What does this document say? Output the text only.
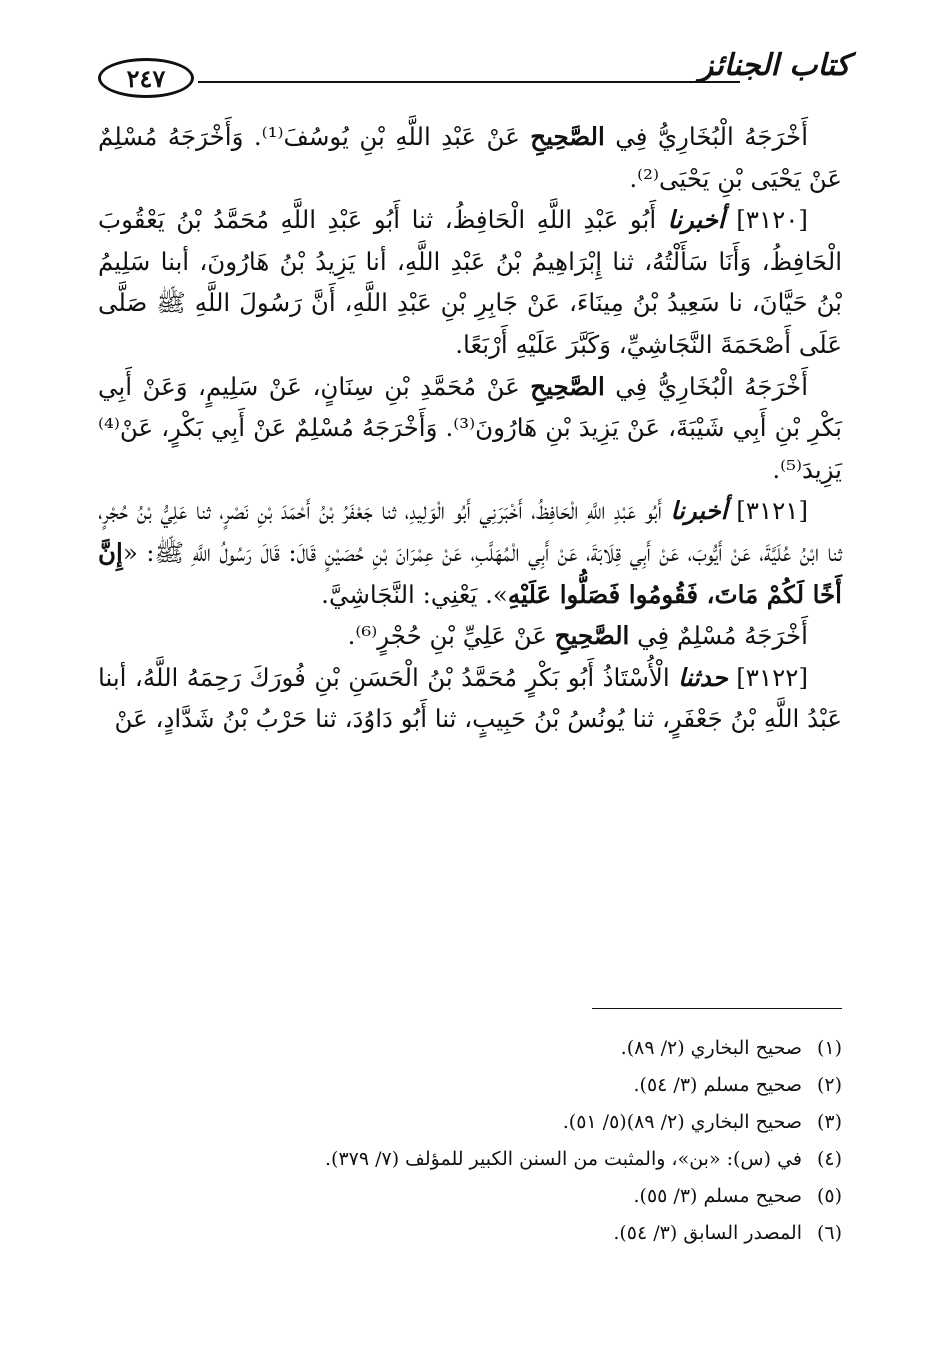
٢٤٧	كتاب الجنائز

أَخْرَجَهُ الْبُخَارِيُّ فِي الصَّحِيحِ عَنْ عَبْدِ اللَّهِ بْنِ يُوسُفَ⁽¹⁾. وَأَخْرَجَهُ مُسْلِمٌ عَنْ يَحْيَى بْنِ يَحْيَى⁽²⁾.

[٣١٢٠] أخبرنا أَبُو عَبْدِ اللَّهِ الْحَافِظُ، ثنا أَبُو عَبْدِ اللَّهِ مُحَمَّدُ بْنُ يَعْقُوبَ الْحَافِظُ، وَأَنَا سَأَلْتُهُ، ثنا إِبْرَاهِيمُ بْنُ عَبْدِ اللَّهِ، أنا يَزِيدُ بْنُ هَارُونَ، أبنا سَلِيمُ بْنُ حَيَّانَ، نا سَعِيدُ بْنُ مِينَاءَ، عَنْ جَابِرِ بْنِ عَبْدِ اللَّهِ، أَنَّ رَسُولَ اللَّهِ ﷺ صَلَّى عَلَى أَصْحَمَةَ النَّجَاشِيِّ، وَكَبَّرَ عَلَيْهِ أَرْبَعًا.

أَخْرَجَهُ الْبُخَارِيُّ فِي الصَّحِيحِ عَنْ مُحَمَّدِ بْنِ سِنَانٍ، عَنْ سَلِيمٍ، وَعَنْ أَبِي بَكْرِ بْنِ أَبِي شَيْبَةَ، عَنْ يَزِيدَ بْنِ هَارُونَ⁽³⁾. وَأَخْرَجَهُ مُسْلِمٌ عَنْ أَبِي بَكْرٍ، عَنْ⁽⁴⁾ يَزِيدَ⁽⁵⁾.

[٣١٢١] أخبرنا أَبُو عَبْدِ اللَّهِ الْحَافِظُ، أَخْبَرَنِي أَبُو الْوَلِيدِ، ثنا جَعْفَرُ بْنُ أَحْمَدَ بْنِ نَصْرٍ، ثنا عَلِيُّ بْنُ حُجْرٍ، ثنا ابْنُ عُلَيَّةَ، عَنْ أَيُّوبَ، عَنْ أَبِي قِلَابَةَ، عَنْ أَبِي الْمُهَلَّبِ، عَنْ عِمْرَانَ بْنِ حُصَيْنٍ قَالَ: قَالَ رَسُولُ اللَّهِ ﷺ: «إِنَّ أَخًا لَكُمْ مَاتَ، فَقُومُوا فَصَلُّوا عَلَيْهِ». يَعْنِي: النَّجَاشِيَّ.

أَخْرَجَهُ مُسْلِمٌ فِي الصَّحِيحِ عَنْ عَلِيِّ بْنِ حُجْرٍ⁽⁶⁾.

[٣١٢٢] حدثنا الْأُسْتَاذُ أَبُو بَكْرٍ مُحَمَّدُ بْنُ الْحَسَنِ بْنِ فُورَكَ رَحِمَهُ اللَّهُ، أبنا عَبْدُ اللَّهِ بْنُ جَعْفَرٍ، ثنا يُونُسُ بْنُ حَبِيبٍ، ثنا أَبُو دَاوُدَ، ثنا حَرْبُ بْنُ شَدَّادٍ، عَنْ

(١)صحيح البخاري (٢/ ٨٩).
(٢)صحيح مسلم (٣/ ٥٤).
(٣)صحيح البخاري (٢/ ٨٩)(٥/ ٥١).
(٤)في (س): «بن»، والمثبت من السنن الكبير للمؤلف (٧/ ٣٧٩).
(٥)صحيح مسلم (٣/ ٥٥).
(٦)المصدر السابق (٣/ ٥٤).
